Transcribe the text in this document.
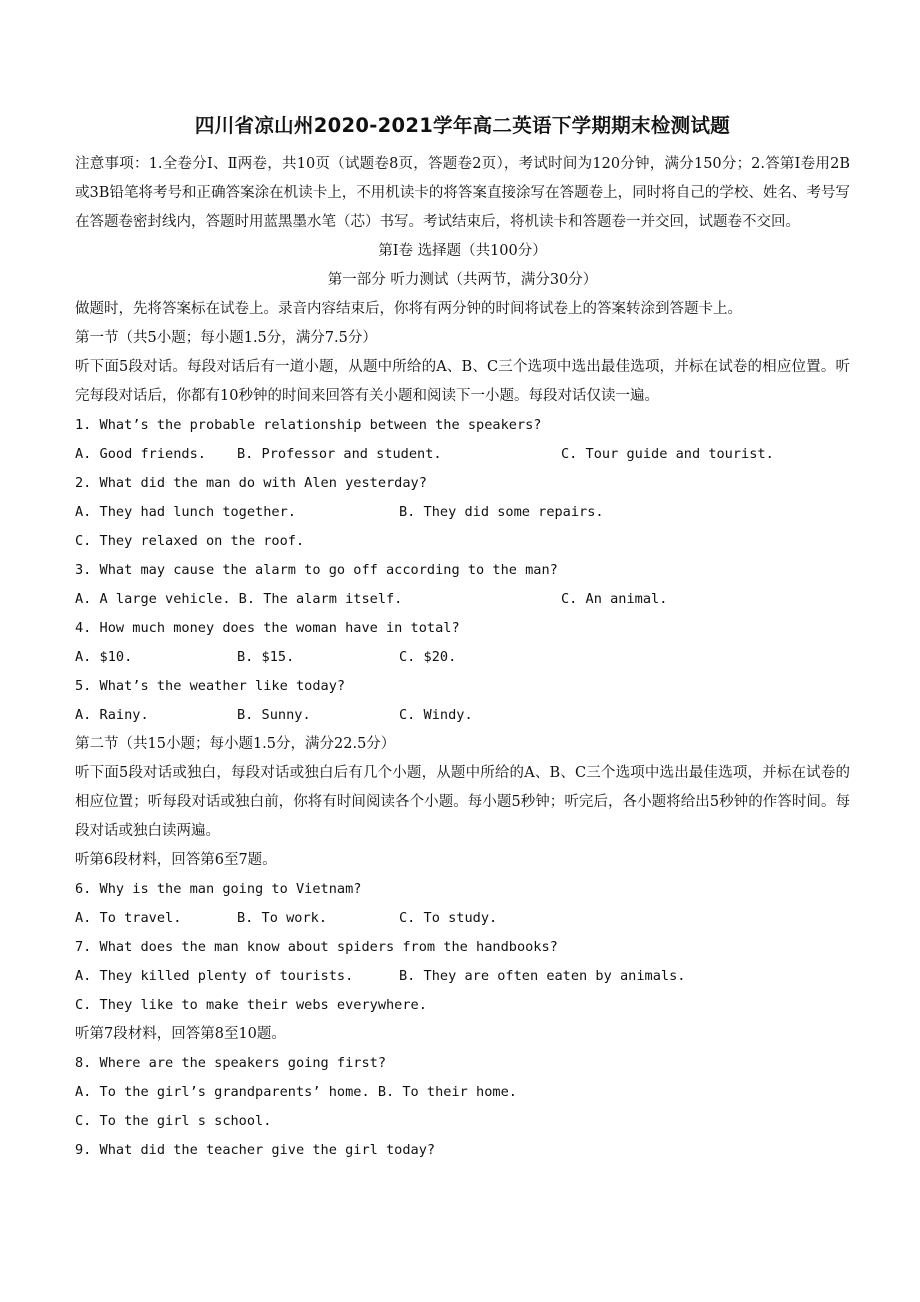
四川省凉山州2020-2021学年高二英语下学期期末检测试题

注意事项：1.全卷分Ⅰ、Ⅱ两卷，共10页（试题卷8页，答题卷2页），考试时间为120分钟，满分150分；2.答第Ⅰ卷用2B或3B铅笔将考号和正确答案涂在机读卡上，不用机读卡的将答案直接涂写在答题卷上，同时将自己的学校、姓名、考号写在答题卷密封线内，答题时用蓝黑墨水笔（芯）书写。考试结束后，将机读卡和答题卷一并交回，试题卷不交回。

第Ⅰ卷 选择题（共100分）
第一部分 听力测试（共两节，满分30分）

做题时，先将答案标在试卷上。录音内容结束后，你将有两分钟的时间将试卷上的答案转涂到答题卡上。

第一节（共5小题；每小题1.5分，满分7.5分）

听下面5段对话。每段对话后有一道小题，从题中所给的A、B、C三个选项中选出最佳选项，并标在试卷的相应位置。听完每段对话后，你都有10秒钟的时间来回答有关小题和阅读下一小题。每段对话仅读一遍。

1. What’s the probable relationship between the speakers?
A. Good friends. B. Professor and student.	C. Tour guide and tourist.
2. What did the man do with Alen yesterday?
A. They had lunch together.	B. They did some repairs.
C. They relaxed on the roof.
3. What may cause the alarm to go off according to the man?
A. A large vehicle. B. The alarm itself.	C. An animal.
4. How much money does the woman have in total?
A. $10.	B. $15.	C. $20.
5. What’s the weather like today?
A. Rainy.	B. Sunny.	C. Windy.
第二节（共15小题；每小题1.5分，满分22.5分）

听下面5段对话或独白，每段对话或独白后有几个小题，从题中所给的A、B、C三个选项中选出最佳选项，并标在试卷的相应位置；听每段对话或独白前，你将有时间阅读各个小题。每小题5秒钟；听完后，各小题将给出5秒钟的作答时间。每段对话或独白读两遍。

听第6段材料，回答第6至7题。
6. Why is the man going to Vietnam?
A. To travel.	B. To work.	C. To study.
7. What does the man know about spiders from the handbooks?
A. They killed plenty of tourists.	B. They are often eaten by animals.
C. They like to make their webs everywhere.
听第7段材料，回答第8至10题。
8. Where are the speakers going first?
A. To the girl’s grandparents’ home. B. To their home.
C. To the girl s school.
9. What did the teacher give the girl today?
